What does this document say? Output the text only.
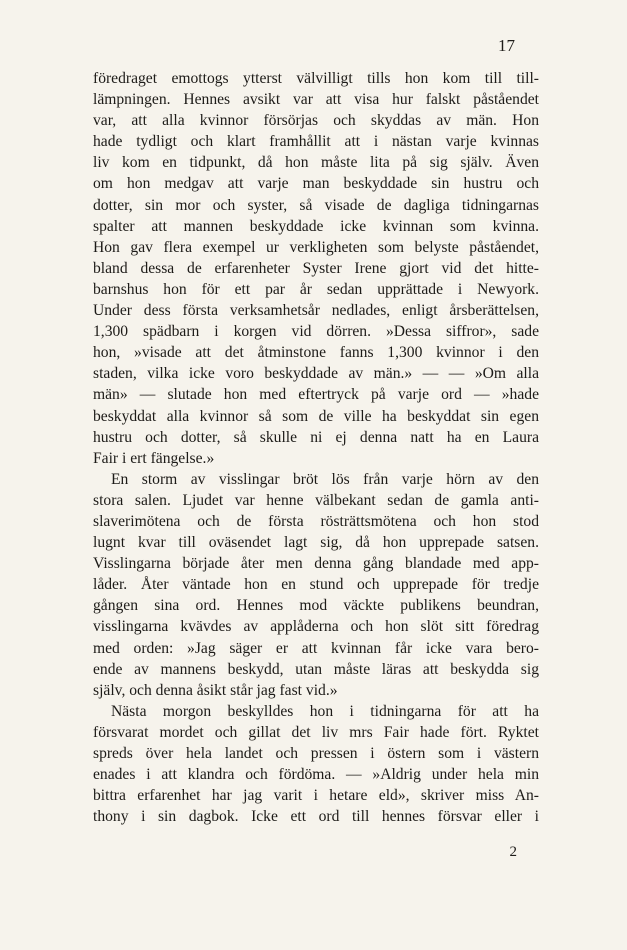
17
föredraget emottogs ytterst välvilligt tills hon kom till till-
lämpningen. Hennes avsikt var att visa hur falskt påståendet
var, att alla kvinnor försörjas och skyddas av män. Hon
hade tydligt och klart framhållit att i nästan varje kvinnas
liv kom en tidpunkt, då hon måste lita på sig själv. Även
om hon medgav att varje man beskyddade sin hustru och
dotter, sin mor och syster, så visade de dagliga tidningarnas
spalter att mannen beskyddade icke kvinnan som kvinna.
Hon gav flera exempel ur verkligheten som belyste påståendet,
bland dessa de erfarenheter Syster Irene gjort vid det hitte-
barnshus hon för ett par år sedan upprättade i Newyork.
Under dess första verksamhetsår nedlades, enligt årsberättelsen,
1,300 spädbarn i korgen vid dörren. »Dessa siffror», sade
hon, »visade att det åtminstone fanns 1,300 kvinnor i den
staden, vilka icke voro beskyddade av män.» — — »Om alla
män» — slutade hon med eftertryck på varje ord — »hade
beskyddat alla kvinnor så som de ville ha beskyddat sin egen
hustru och dotter, så skulle ni ej denna natt ha en Laura
Fair i ert fängelse.»
En storm av visslingar bröt lös från varje hörn av den
stora salen. Ljudet var henne välbekant sedan de gamla anti-
slaverimötena och de första rösträttsmötena och hon stod
lugnt kvar till oväsendet lagt sig, då hon upprepade satsen.
Visslingarna började åter men denna gång blandade med app-
låder. Åter väntade hon en stund och upprepade för tredje
gången sina ord. Hennes mod väckte publikens beundran,
visslingarna kvävdes av applåderna och hon slöt sitt föredrag
med orden: »Jag säger er att kvinnan får icke vara bero-
ende av mannens beskydd, utan måste läras att beskydda sig
själv, och denna åsikt står jag fast vid.»
Nästa morgon beskylldes hon i tidningarna för att ha
försvarat mordet och gillat det liv mrs Fair hade fört. Ryktet
spreds över hela landet och pressen i östern som i västern
enades i att klandra och fördöma. — »Aldrig under hela min
bittra erfarenhet har jag varit i hetare eld», skriver miss An-
thony i sin dagbok. Icke ett ord till hennes försvar eller i
2
